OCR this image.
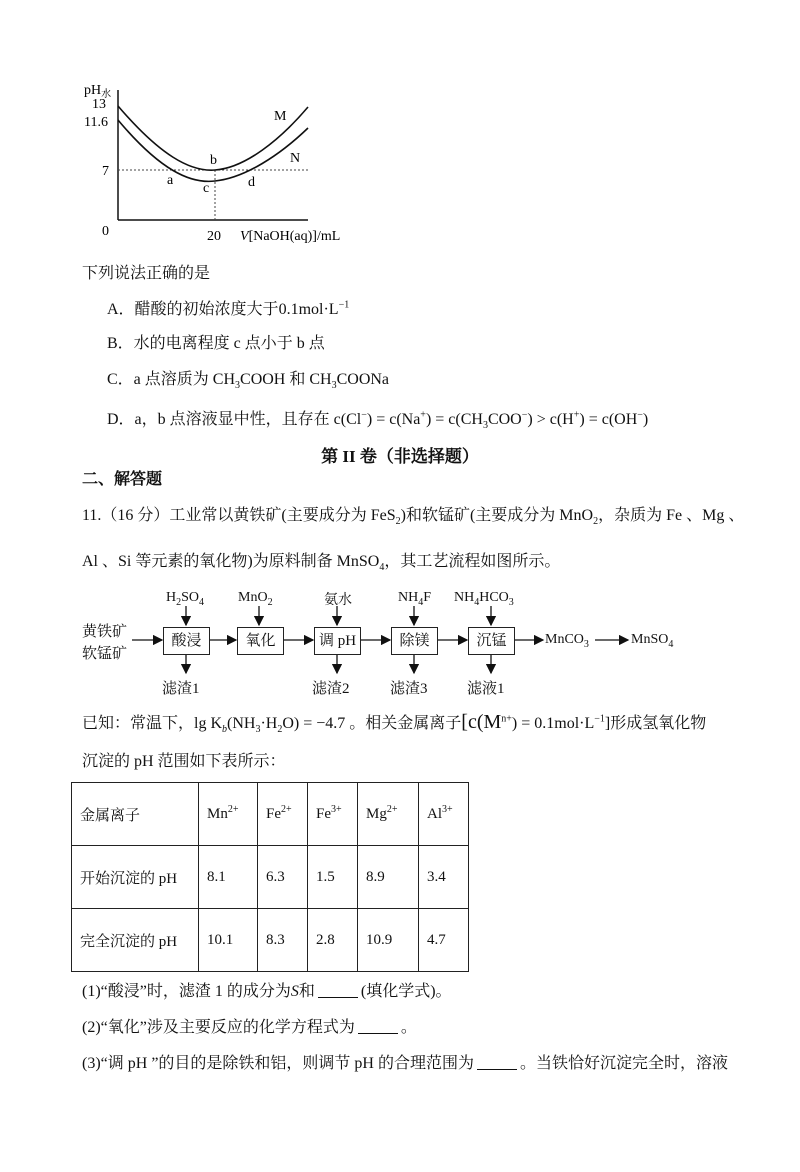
$pH_水$
13
11.6
7
0	20 V[NaOH(aq)]/mL
M
N
a
b
c	d
下列说法正确的是
A．醋酸的初始浓度大于$0.1mol\cdot L^{-1}$
B．水的电离程度 c 点小于 b 点
C．a 点溶质为 $CH_3COOH$ 和 $CH_3COONa$
D．a，b 点溶液显中性，且存在 $c(Cl^-) = c(Na^+) = c(CH_3COO^-) > c(H^+) = c(OH^-)$
第 II 卷（非选择题）
二、解答题
11.（16 分）工业常以黄铁矿(主要成分为 FeS$_2$)和软锰矿(主要成分为 MnO$_2$，杂质为 Fe 、Mg 、
Al 、Si 等元素的氧化物)为原料制备 MnSO$_4$，其工艺流程如图所示。
黄铁矿
软锰矿
$H_2SO_4$ MnO$_2$	氨水	$NH_4F$ $NH_4HCO_3$
酸浸	氧化	调 pH	除镁	沉锰	MnCO$_3$	MnSO$_4$
滤渣1	滤渣2	滤渣3	滤液1
已知：常温下，$\lg K_b(NH_3\cdot H_2O) = -4.7$ 。相关金属离子$[c(M^{n+}) = 0.1mol\cdot L^{-1}]$形成氢氧化物
沉淀的 pH 范围如下表所示：
金属离子	$Mn^{2+}$	$Fe^{2+}$	$Fe^{3+}$	$Mg^{2+}$	$Al^{3+}$
开始沉淀的 pH	8.1	6.3	1.5	8.9	3.4
完全沉淀的 pH	10.1	8.3	2.8	10.9	4.7
(1)“酸浸”时，滤渣 1 的成分为S和	(填化学式)。
(2)“氧化”涉及主要反应的化学方程式为	。
(3)“调 pH ”的目的是除铁和铝，则调节 pH 的合理范围为	。当铁恰好沉淀完全时，溶液
